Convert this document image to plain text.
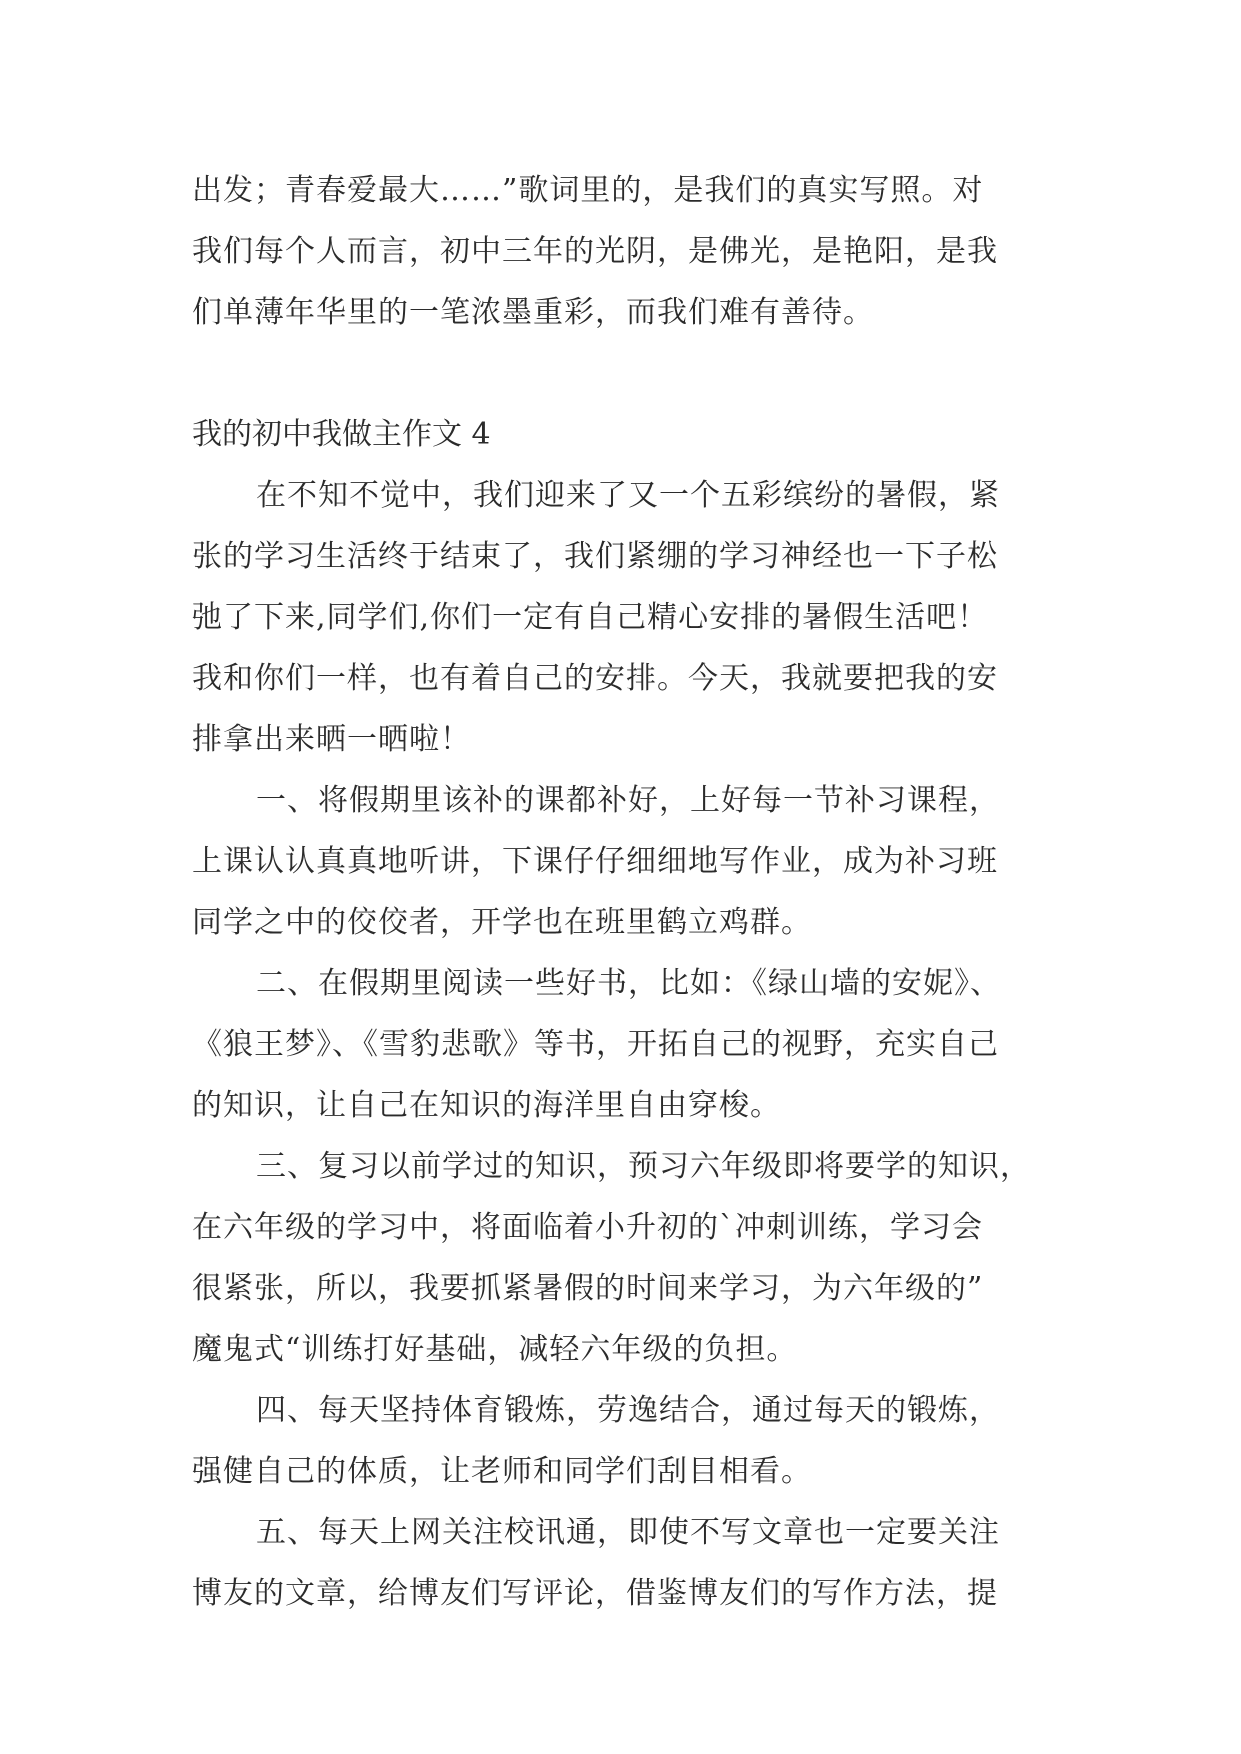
出发；青春爱最大……”歌词里的，是我们的真实写照。对
我们每个人而言，初中三年的光阴，是佛光，是艳阳，是我
们单薄年华里的一笔浓墨重彩，而我们难有善待。
我的初中我做主作文 4
在不知不觉中，我们迎来了又一个五彩缤纷的暑假，紧
张的学习生活终于结束了，我们紧绷的学习神经也一下子松
弛了下来,同学们,你们一定有自己精心安排的暑假生活吧！
我和你们一样，也有着自己的安排。今天，我就要把我的安
排拿出来晒一晒啦！
一、将假期里该补的课都补好，上好每一节补习课程，
上课认认真真地听讲，下课仔仔细细地写作业，成为补习班
同学之中的佼佼者，开学也在班里鹤立鸡群。
二、在假期里阅读一些好书，比如：《绿山墙的安妮》、
《狼王梦》、《雪豹悲歌》等书，开拓自己的视野，充实自己
的知识，让自己在知识的海洋里自由穿梭。
三、复习以前学过的知识，预习六年级即将要学的知识，
在六年级的学习中，将面临着小升初的`冲刺训练，学习会
很紧张，所以，我要抓紧暑假的时间来学习，为六年级的”
魔鬼式“训练打好基础，减轻六年级的负担。
四、每天坚持体育锻炼，劳逸结合，通过每天的锻炼，
强健自己的体质，让老师和同学们刮目相看。
五、每天上网关注校讯通，即使不写文章也一定要关注
博友的文章，给博友们写评论，借鉴博友们的写作方法，提
